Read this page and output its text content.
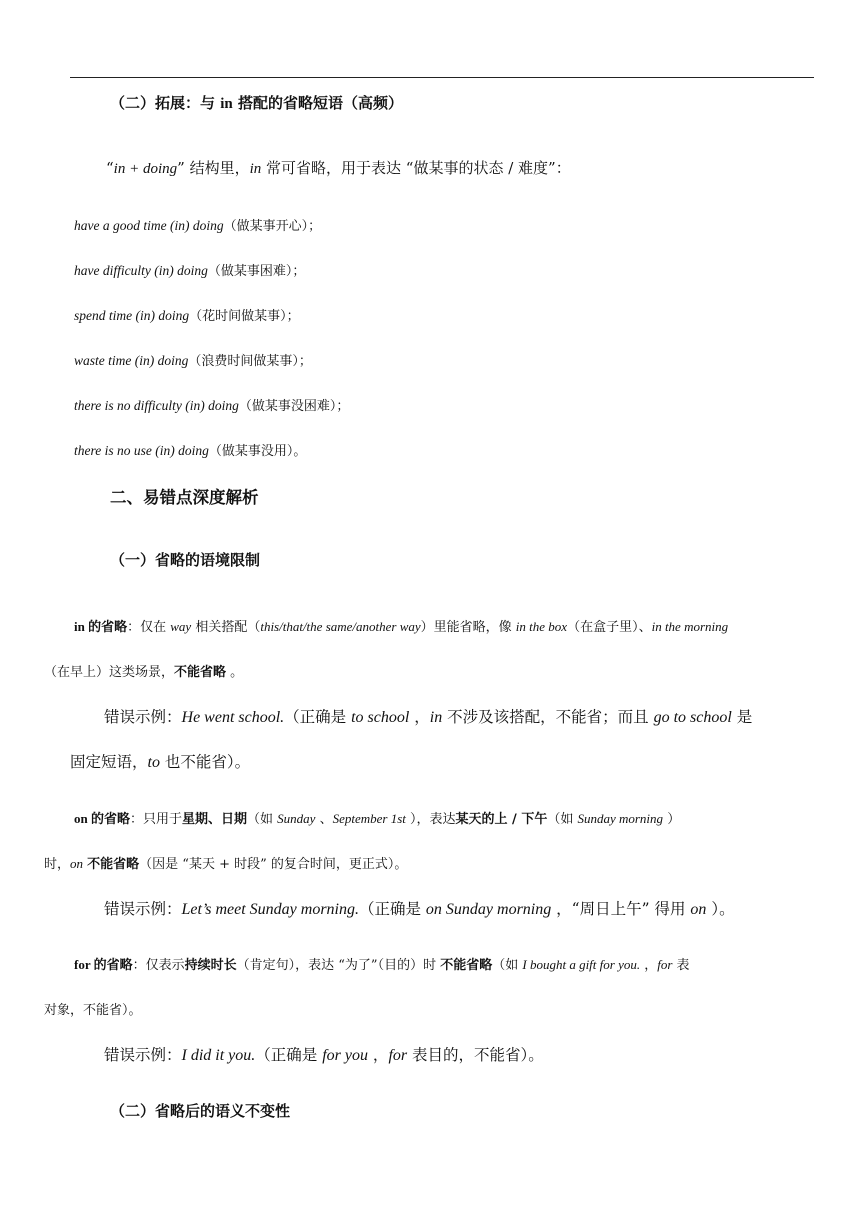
（二）拓展：与 in 搭配的省略短语（高频）
“in + doing” 结构里，in 常可省略，用于表达 “做某事的状态 / 难度”：
have a good time (in) doing（做某事开心）；
have difficulty (in) doing（做某事困难）；
spend time (in) doing（花时间做某事）；
waste time (in) doing（浪费时间做某事）；
there is no difficulty (in) doing（做某事没困难）；
there is no use (in) doing（做某事没用）。
二、易错点深度解析
（一）省略的语境限制
in 的省略：仅在 way 相关搭配（this/that/the same/another way）里能省略，像 in the box（在盒子里）、in the morning
（在早上）这类场景，不能省略 。
错误示例：He went school.（正确是 to school ，in 不涉及该搭配，不能省；而且 go to school 是
固定短语，to 也不能省）。
on 的省略：只用于星期、日期（如 Sunday 、September 1st ），表达某天的上 / 下午（如 Sunday morning ）
时，on 不能省略（因是 “某天 + 时段” 的复合时间，更正式）。
错误示例：Let’s meet Sunday morning.（正确是 on Sunday morning ，“周日上午” 得用 on ）。
for 的省略：仅表示持续时长（肯定句），表达 “为了”（目的）时 不能省略（如 I bought a gift for you. ，for 表
对象，不能省）。
错误示例：I did it you.（正确是 for you ，for 表目的，不能省）。
（二）省略后的语义不变性
